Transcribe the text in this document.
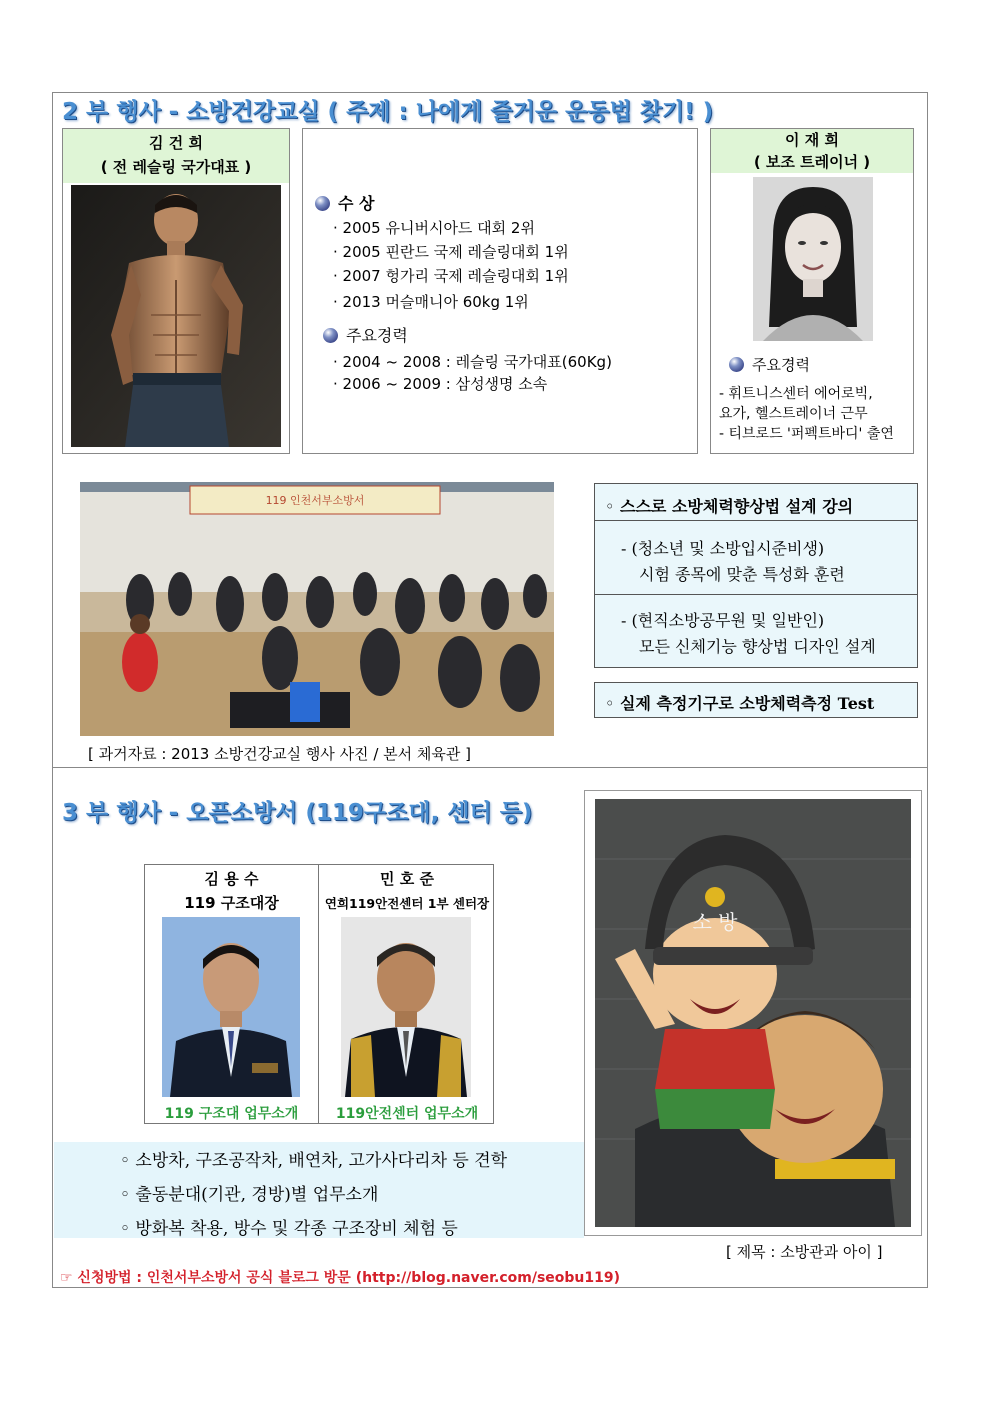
2 부 행사 - 소방건강교실 ( 주제 : 나에게 즐거운 운동법 찾기! )
김 건 희
( 전 레슬링 국가대표 )
수 상
· 2005 유니버시아드 대회 2위
· 2005 핀란드 국제 레슬링대회 1위
· 2007 헝가리 국제 레슬링대회 1위
· 2013 머슬매니아 60kg 1위
주요경력
· 2004 ~ 2008 : 레슬링 국가대표(60Kg)
· 2006 ~ 2009 : 삼성생명 소속
이 재 희
( 보조 트레이너 )
주요경력
- 휘트니스센터 에어로빅,
요가, 헬스트레이너 근무
- 티브로드 '퍼펙트바디' 출연
119 인천서부소방서
[ 과거자료 : 2013 소방건강교실 행사 사진 / 본서 체육관 ]
◦ 스스로 소방체력향상법 설계 강의
- (청소년 및 소방입시준비생)
시험 종목에 맞춘 특성화 훈련
- (현직소방공무원 및 일반인)
모든 신체기능 향상법 디자인 설계
◦ 실제 측정기구로 소방체력측정 Test
3 부 행사 - 오픈소방서 (119구조대, 센터 등)
김 용 수
119 구조대장
119 구조대 업무소개
민 호 준
연희119안전센터 1부 센터장
119안전센터 업무소개
◦ 소방차, 구조공작차, 배연차, 고가사다리차 등 견학
◦ 출동분대(기관, 경방)별 업무소개
◦ 방화복 착용, 방수 및 각종 구조장비 체험 등
소 방
[ 제목 : 소방관과 아이 ]
☞ 신청방법 : 인천서부소방서 공식 블로그 방문 (http://blog.naver.com/seobu119)
